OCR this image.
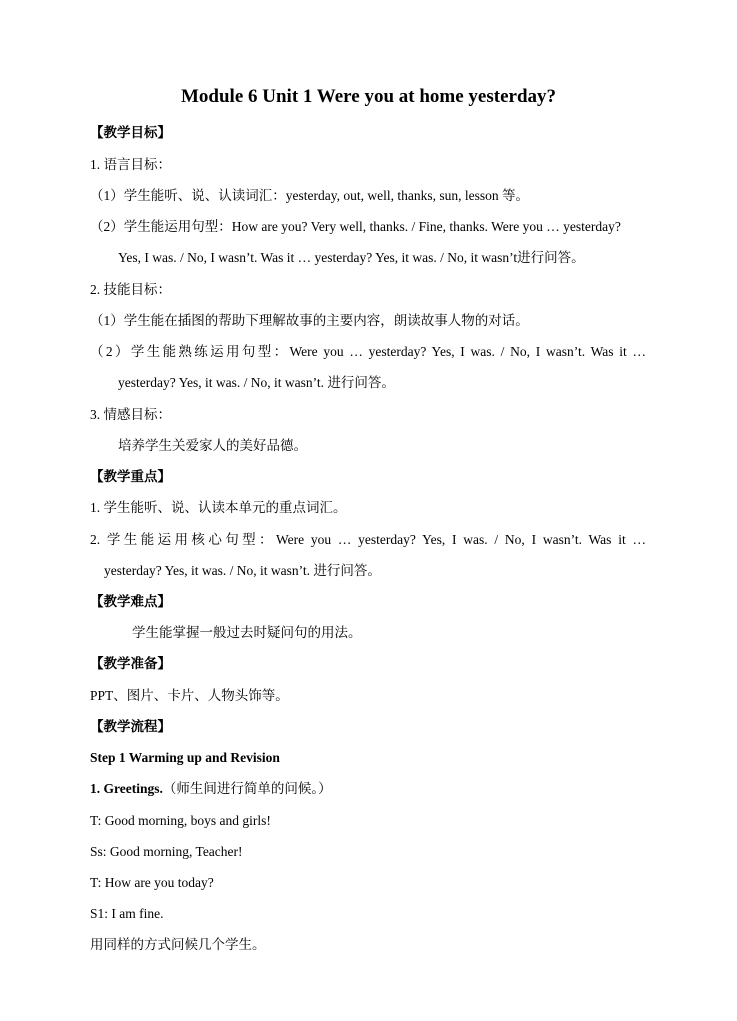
Module 6 Unit 1 Were you at home yesterday?
【教学目标】
1. 语言目标：
（1）学生能听、说、认读词汇：yesterday, out, well, thanks, sun, lesson 等。
（2）学生能运用句型：How are you? Very well, thanks. / Fine, thanks. Were you … yesterday?
Yes, I was. / No, I wasn’t. Was it … yesterday? Yes, it was. / No, it wasn’t进行问答。
2. 技能目标：
（1）学生能在插图的帮助下理解故事的主要内容，朗读故事人物的对话。
（2）学生能熟练运用句型：Were you … yesterday? Yes, I was. / No, I wasn’t. Was it …
yesterday? Yes, it was. / No, it wasn’t. 进行问答。
3. 情感目标：
培养学生关爱家人的美好品德。
【教学重点】
1. 学生能听、说、认读本单元的重点词汇。
2. 学生能运用核心句型：Were you … yesterday? Yes, I was. / No, I wasn’t. Was it …
yesterday? Yes, it was. / No, it wasn’t. 进行问答。
【教学难点】
学生能掌握一般过去时疑问句的用法。
【教学准备】
PPT、图片、卡片、人物头饰等。
【教学流程】
Step 1 Warming up and Revision
1. Greetings.（师生间进行简单的问候。）
T: Good morning, boys and girls!
Ss: Good morning, Teacher!
T: How are you today?
S1: I am fine.
用同样的方式问候几个学生。
